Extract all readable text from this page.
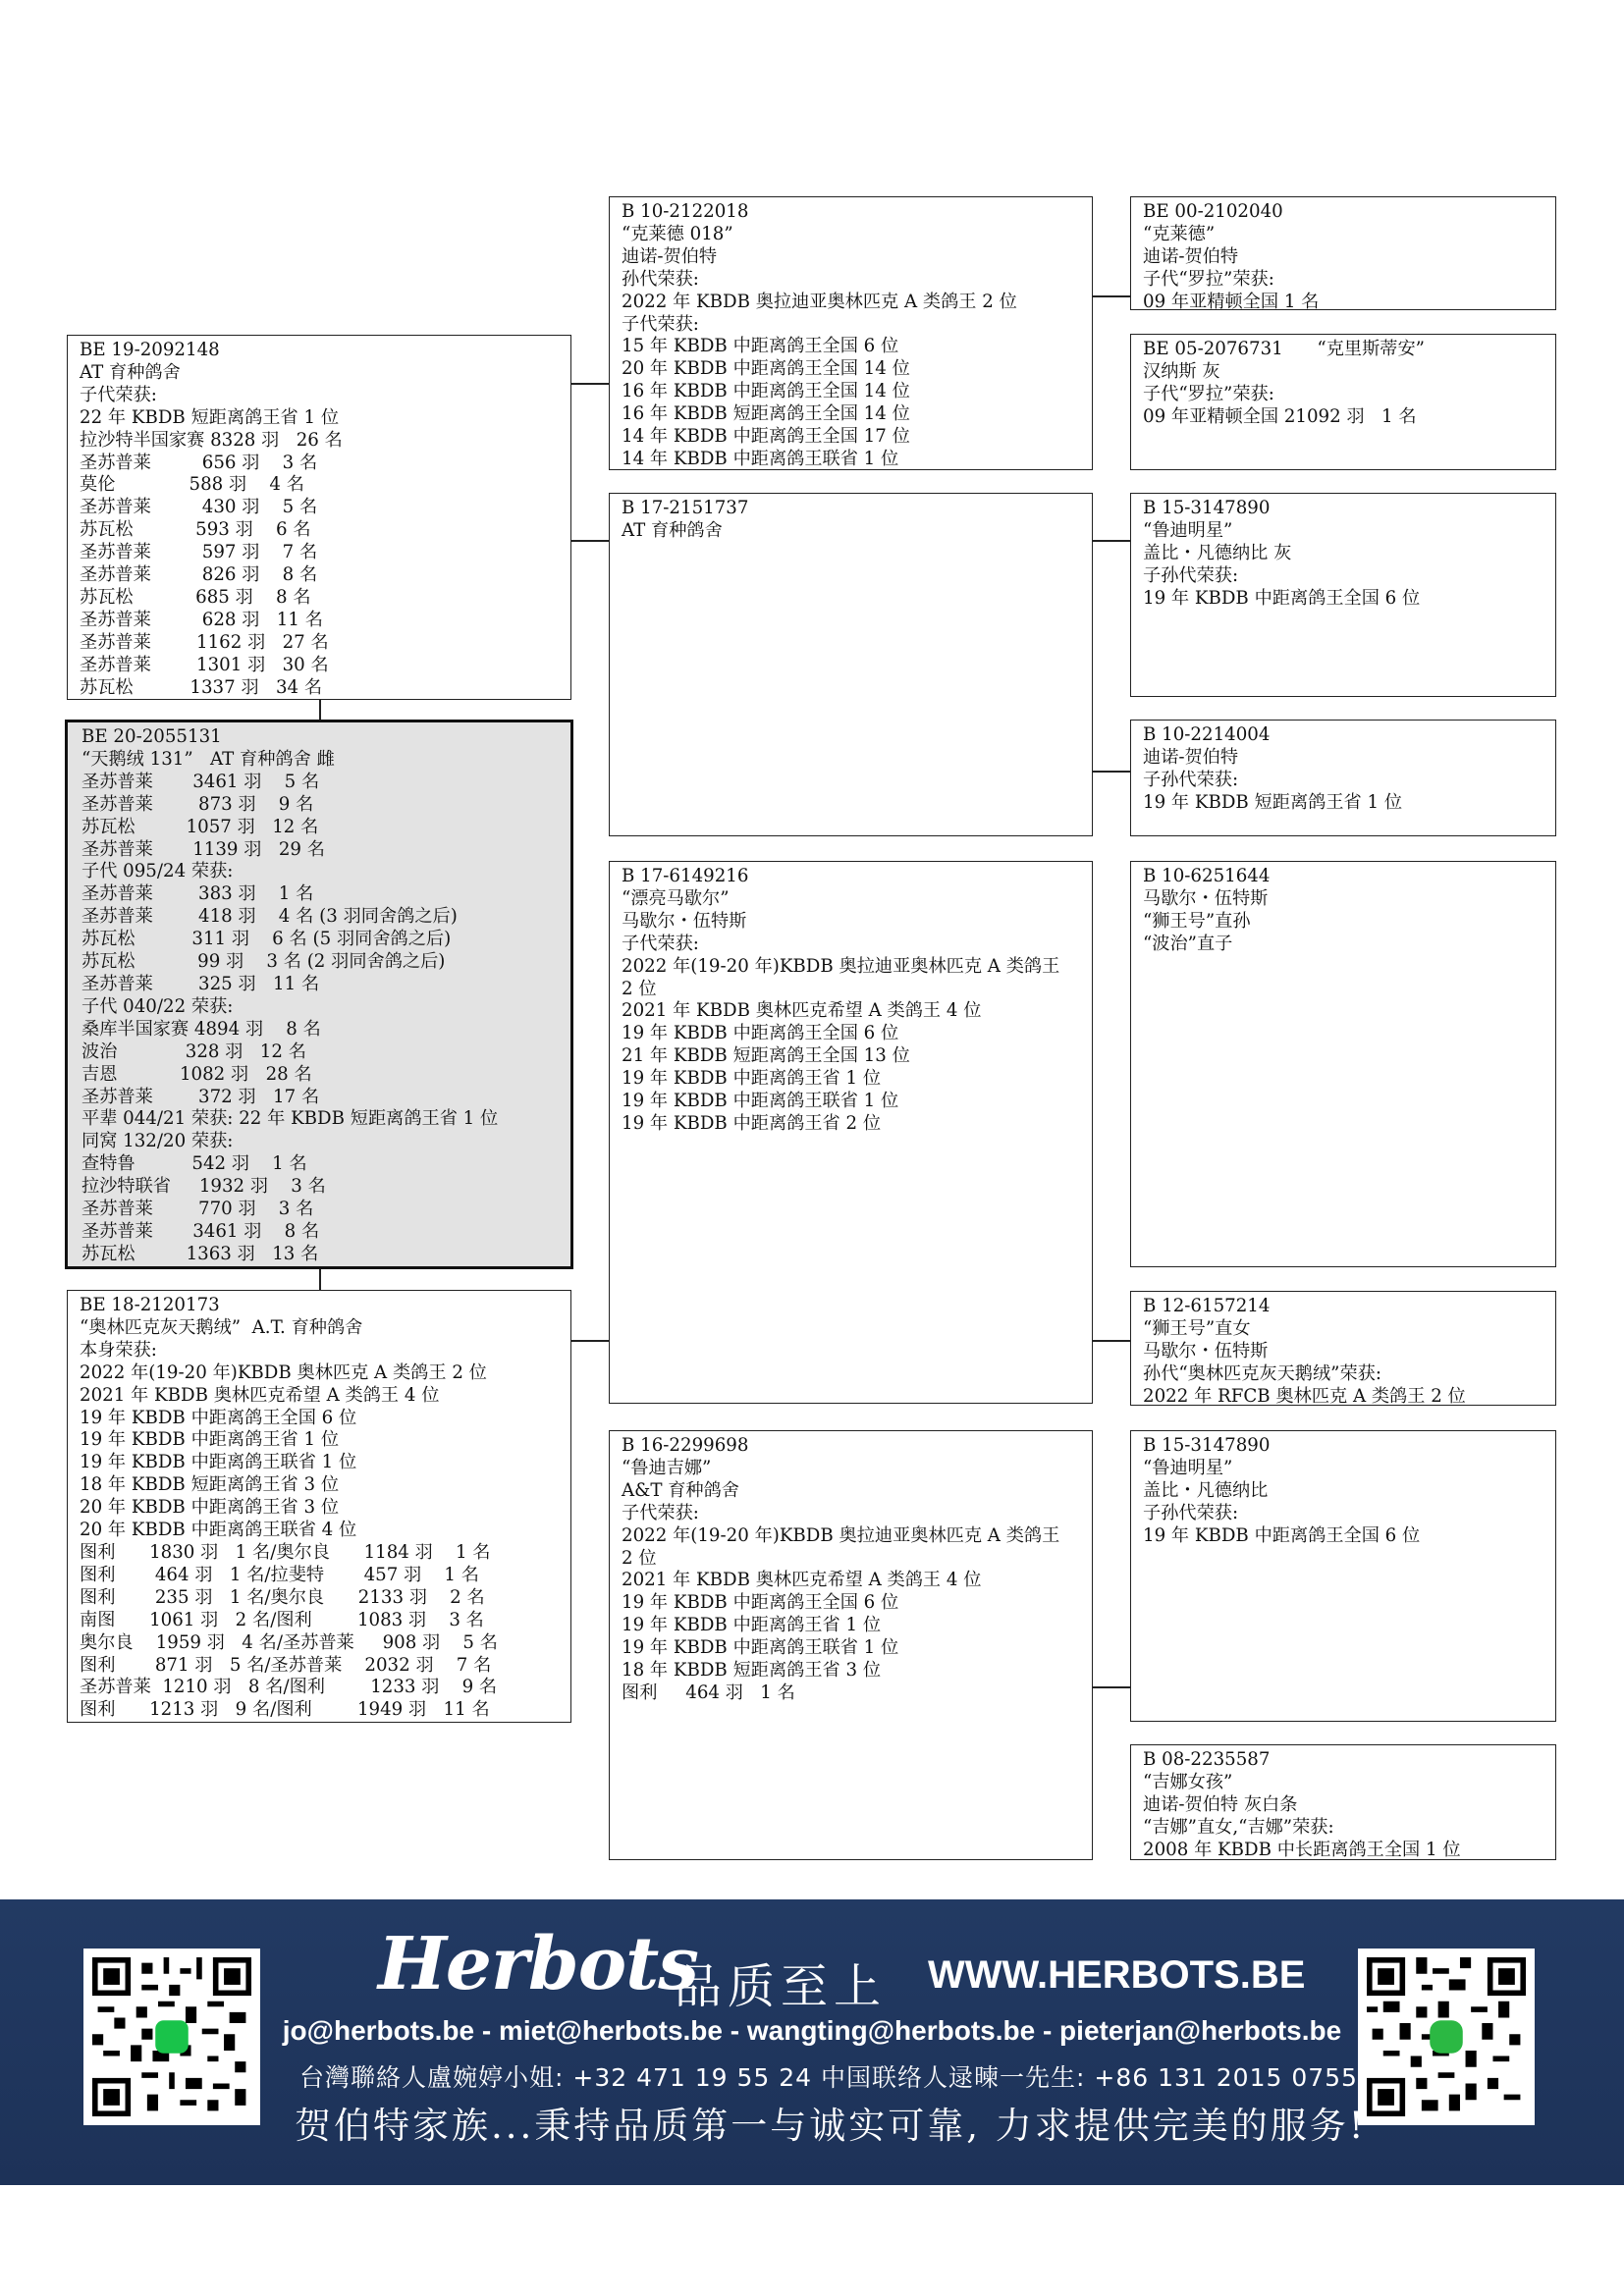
B 10-2122018
“克莱德 018”
迪诺-贺伯特
孙代荣获:
2022 年 KBDB 奥拉迪亚奥林匹克 A 类鸽王 2 位
子代荣获:
15 年 KBDB 中距离鸽王全国 6 位
20 年 KBDB 中距离鸽王全国 14 位
16 年 KBDB 中距离鸽王全国 14 位
16 年 KBDB 短距离鸽王全国 14 位
14 年 KBDB 中距离鸽王全国 17 位
14 年 KBDB 中距离鸽王联省 1 位
B 17-2151737
AT 育种鸽舍
B 17-6149216
“漂亮马歇尔”
马歇尔・伍特斯
子代荣获:
2022 年(19-20 年)KBDB 奥拉迪亚奥林匹克 A 类鸽王
2 位
2021 年 KBDB 奥林匹克希望 A 类鸽王 4 位
19 年 KBDB 中距离鸽王全国 6 位
21 年 KBDB 短距离鸽王全国 13 位
19 年 KBDB 中距离鸽王省 1 位
19 年 KBDB 中距离鸽王联省 1 位
19 年 KBDB 中距离鸽王省 2 位
B 16-2299698
“鲁迪吉娜”
A&T 育种鸽舍
子代荣获:
2022 年(19-20 年)KBDB 奥拉迪亚奥林匹克 A 类鸽王
2 位
2021 年 KBDB 奥林匹克希望 A 类鸽王 4 位
19 年 KBDB 中距离鸽王全国 6 位
19 年 KBDB 中距离鸽王省 1 位
19 年 KBDB 中距离鸽王联省 1 位
18 年 KBDB 短距离鸽王省 3 位
图利     464 羽   1 名
BE 00-2102040
“克莱德”
迪诺-贺伯特
子代“罗拉”荣获:
09 年亚精顿全国 1 名
BE 05-2076731      “克里斯蒂安”
汉纳斯 灰
子代“罗拉”荣获:
09 年亚精顿全国 21092 羽   1 名
B 15-3147890
“鲁迪明星”
盖比・凡德纳比 灰
子孙代荣获:
19 年 KBDB 中距离鸽王全国 6 位
B 10-2214004
迪诺-贺伯特
子孙代荣获:
19 年 KBDB 短距离鸽王省 1 位
B 10-6251644
马歇尔・伍特斯
“狮王号”直孙
“波治”直子
B 12-6157214
“狮王号”直女
马歇尔・伍特斯
孙代“奥林匹克灰天鹅绒”荣获:
2022 年 RFCB 奥林匹克 A 类鸽王 2 位
B 15-3147890
“鲁迪明星”
盖比・凡德纳比
子孙代荣获:
19 年 KBDB 中距离鸽王全国 6 位
B 08-2235587
“吉娜女孩”
迪诺-贺伯特 灰白条
“吉娜”直女,“吉娜”荣获:
2008 年 KBDB 中长距离鸽王全国 1 位
BE 19-2092148
AT 育种鸽舍
子代荣获:
22 年 KBDB 短距离鸽王省 1 位
拉沙特半国家赛 8328 羽   26 名
圣苏普莱         656 羽    3 名
莫伦             588 羽    4 名
圣苏普莱         430 羽    5 名
苏瓦松           593 羽    6 名
圣苏普莱         597 羽    7 名
圣苏普莱         826 羽    8 名
苏瓦松           685 羽    8 名
圣苏普莱         628 羽   11 名
圣苏普莱        1162 羽   27 名
圣苏普莱        1301 羽   30 名
苏瓦松          1337 羽   34 名
BE 20-2055131
“天鹅绒 131”   AT 育种鸽舍 雌
圣苏普莱       3461 羽    5 名
圣苏普莱        873 羽    9 名
苏瓦松         1057 羽   12 名
圣苏普莱       1139 羽   29 名
子代 095/24 荣获:
圣苏普莱        383 羽    1 名
圣苏普莱        418 羽    4 名 (3 羽同舍鸽之后)
苏瓦松          311 羽    6 名 (5 羽同舍鸽之后)
苏瓦松           99 羽    3 名 (2 羽同舍鸽之后)
圣苏普莱        325 羽   11 名
子代 040/22 荣获:
桑库半国家赛 4894 羽    8 名
波治            328 羽   12 名
吉恩           1082 羽   28 名
圣苏普莱        372 羽   17 名
平辈 044/21 荣获: 22 年 KBDB 短距离鸽王省 1 位
同窝 132/20 荣获:
查特鲁          542 羽    1 名
拉沙特联省     1932 羽    3 名
圣苏普莱        770 羽    3 名
圣苏普莱       3461 羽    8 名
苏瓦松         1363 羽   13 名
BE 18-2120173
“奥林匹克灰天鹅绒”  A.T. 育种鸽舍
本身荣获:
2022 年(19-20 年)KBDB 奥林匹克 A 类鸽王 2 位
2021 年 KBDB 奥林匹克希望 A 类鸽王 4 位
19 年 KBDB 中距离鸽王全国 6 位
19 年 KBDB 中距离鸽王省 1 位
19 年 KBDB 中距离鸽王联省 1 位
18 年 KBDB 短距离鸽王省 3 位
20 年 KBDB 中距离鸽王省 3 位
20 年 KBDB 中距离鸽王联省 4 位
图利      1830 羽   1 名/奥尔良      1184 羽    1 名
图利       464 羽   1 名/拉斐特       457 羽    1 名
图利       235 羽   1 名/奥尔良      2133 羽    2 名
南图      1061 羽   2 名/图利        1083 羽    3 名
奥尔良    1959 羽   4 名/圣苏普莱     908 羽    5 名
图利       871 羽   5 名/圣苏普莱    2032 羽    7 名
圣苏普莱  1210 羽   8 名/图利        1233 羽    9 名
图利      1213 羽   9 名/图利        1949 羽   11 名
Herbots
品质至上 WWW.HERBOTS.BE
jo@herbots.be - miet@herbots.be - wangting@herbots.be - pieterjan@herbots.be
台灣聯絡人盧婉婷小姐: +32 471 19 55 24 中国联络人逯暕一先生: +86 131 2015 0755
贺伯特家族...秉持品质第一与诚实可靠, 力求提供完美的服务!
